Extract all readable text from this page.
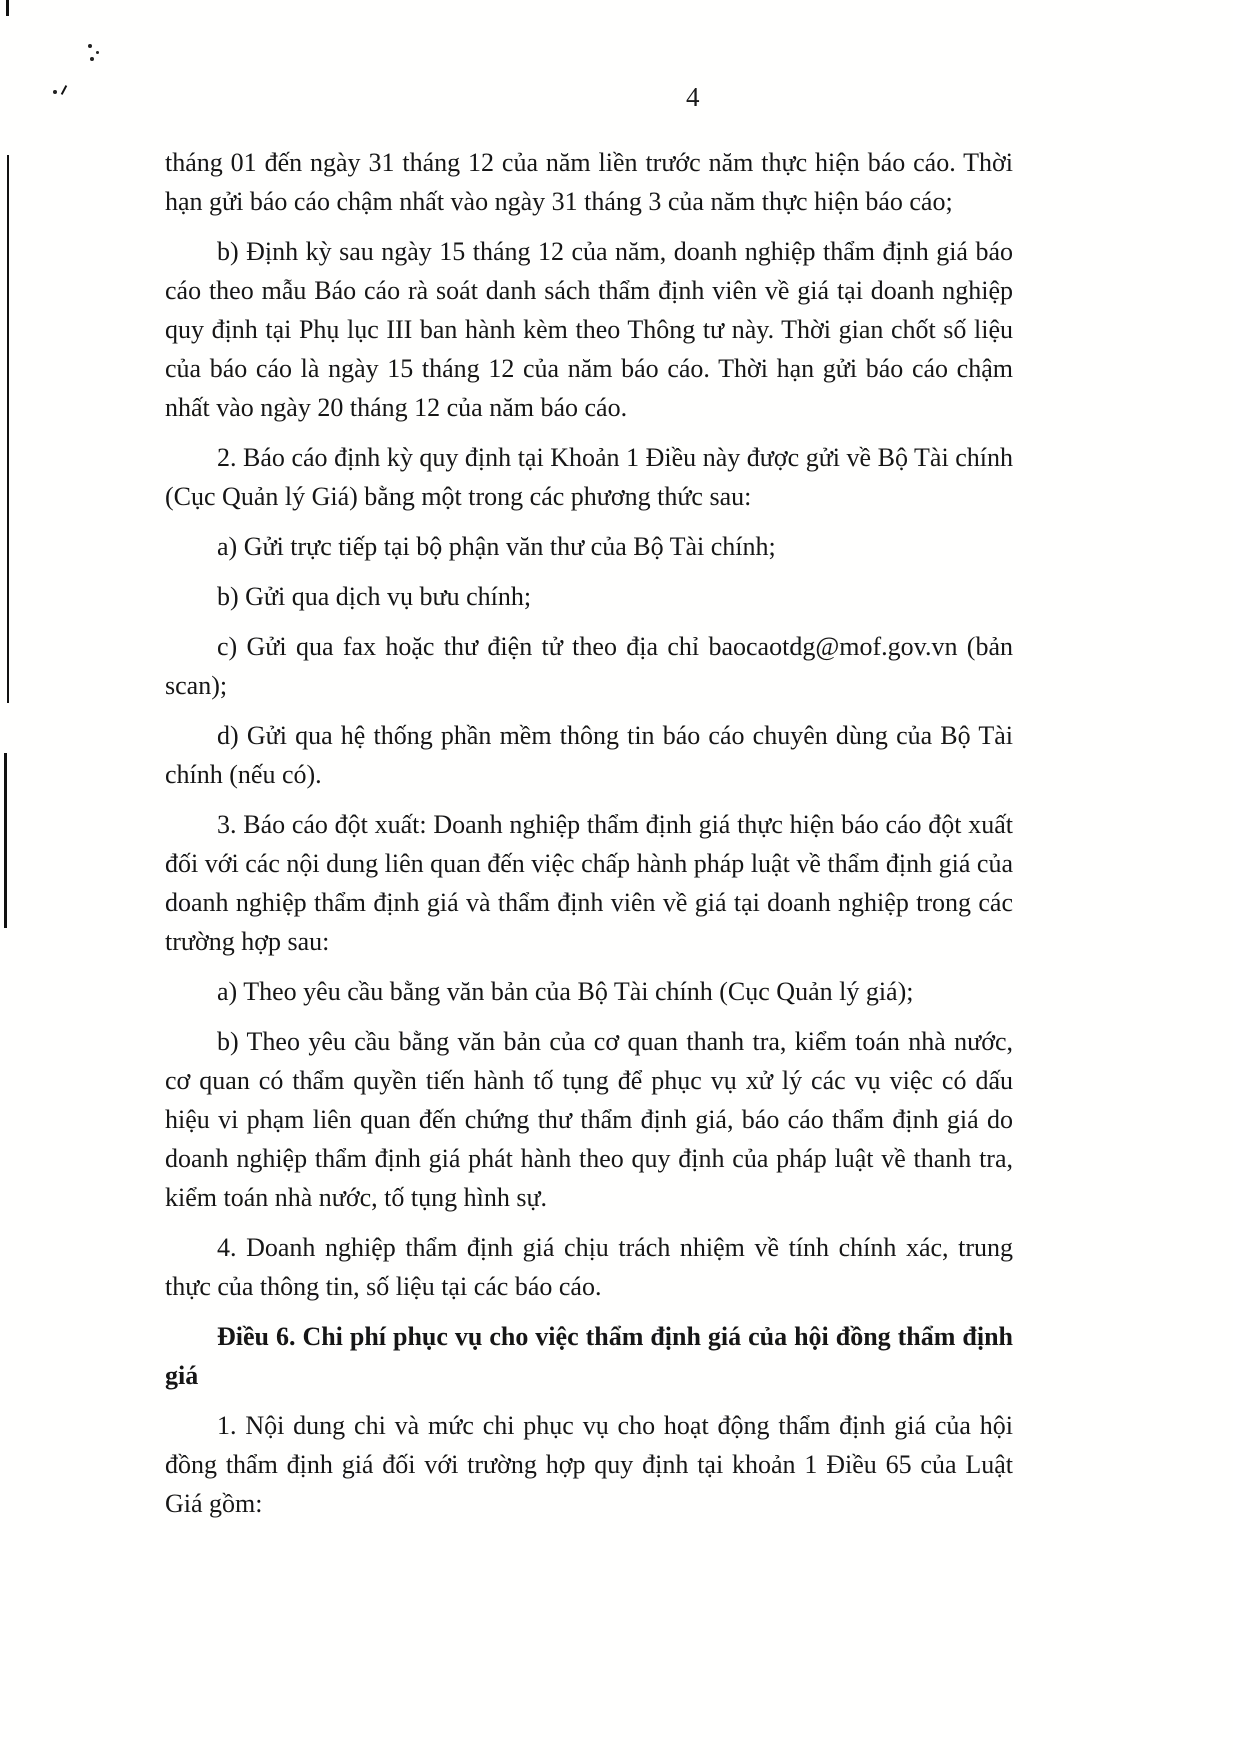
4

tháng 01 đến ngày 31 tháng 12 của năm liền trước năm thực hiện báo cáo. Thời hạn gửi báo cáo chậm nhất vào ngày 31 tháng 3 của năm thực hiện báo cáo;

b) Định kỳ sau ngày 15 tháng 12 của năm, doanh nghiệp thẩm định giá báo cáo theo mẫu Báo cáo rà soát danh sách thẩm định viên về giá tại doanh nghiệp quy định tại Phụ lục III ban hành kèm theo Thông tư này. Thời gian chốt số liệu của báo cáo là ngày 15 tháng 12 của năm báo cáo. Thời hạn gửi báo cáo chậm nhất vào ngày 20 tháng 12 của năm báo cáo.

2. Báo cáo định kỳ quy định tại Khoản 1 Điều này được gửi về Bộ Tài chính (Cục Quản lý Giá) bằng một trong các phương thức sau:

a) Gửi trực tiếp tại bộ phận văn thư của Bộ Tài chính;

b) Gửi qua dịch vụ bưu chính;

c) Gửi qua fax hoặc thư điện tử theo địa chỉ baocaotdg@mof.gov.vn (bản scan);

d) Gửi qua hệ thống phần mềm thông tin báo cáo chuyên dùng của Bộ Tài chính (nếu có).

3. Báo cáo đột xuất: Doanh nghiệp thẩm định giá thực hiện báo cáo đột xuất đối với các nội dung liên quan đến việc chấp hành pháp luật về thẩm định giá của doanh nghiệp thẩm định giá và thẩm định viên về giá tại doanh nghiệp trong các trường hợp sau:

a) Theo yêu cầu bằng văn bản của Bộ Tài chính (Cục Quản lý giá);

b) Theo yêu cầu bằng văn bản của cơ quan thanh tra, kiểm toán nhà nước, cơ quan có thẩm quyền tiến hành tố tụng để phục vụ xử lý các vụ việc có dấu hiệu vi phạm liên quan đến chứng thư thẩm định giá, báo cáo thẩm định giá do doanh nghiệp thẩm định giá phát hành theo quy định của pháp luật về thanh tra, kiểm toán nhà nước, tố tụng hình sự.

4. Doanh nghiệp thẩm định giá chịu trách nhiệm về tính chính xác, trung thực của thông tin, số liệu tại các báo cáo.

Điều 6. Chi phí phục vụ cho việc thẩm định giá của hội đồng thẩm định giá

1. Nội dung chi và mức chi phục vụ cho hoạt động thẩm định giá của hội đồng thẩm định giá đối với trường hợp quy định tại khoản 1 Điều 65 của Luật Giá gồm:
